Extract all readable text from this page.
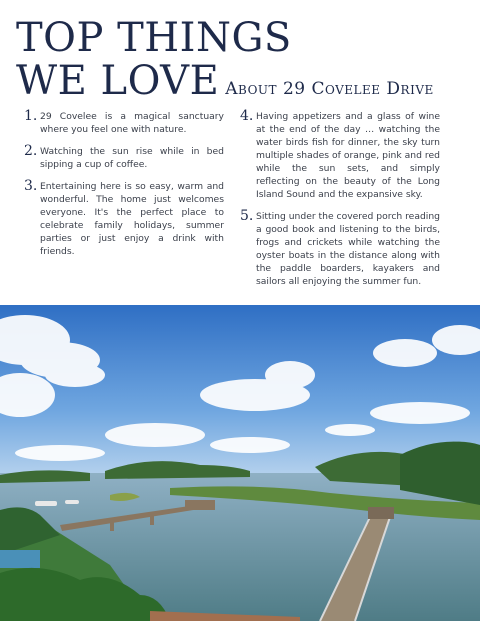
TOP THINGS
WE LOVE About 29 Covelee Drive
1. 29 Covelee is a magical sanctuary where you feel one with nature.
2. Watching the sun rise while in bed sipping a cup of coffee.
3. Entertaining here is so easy, warm and wonderful. The home just welcomes everyone. It's the perfect place to celebrate family holidays, summer parties or just enjoy a drink with friends.
4. Having appetizers and a glass of wine at the end of the day … watching the water birds fish for dinner, the sky turn multiple shades of orange, pink and red while the sun sets, and simply reflecting on the beauty of the Long Island Sound and the expansive sky.
5. Sitting under the covered porch reading a good book and listening to the birds, frogs and crickets while watching the oyster boats in the distance along with the paddle boarders, kayakers and sailors all enjoying the summer fun.
